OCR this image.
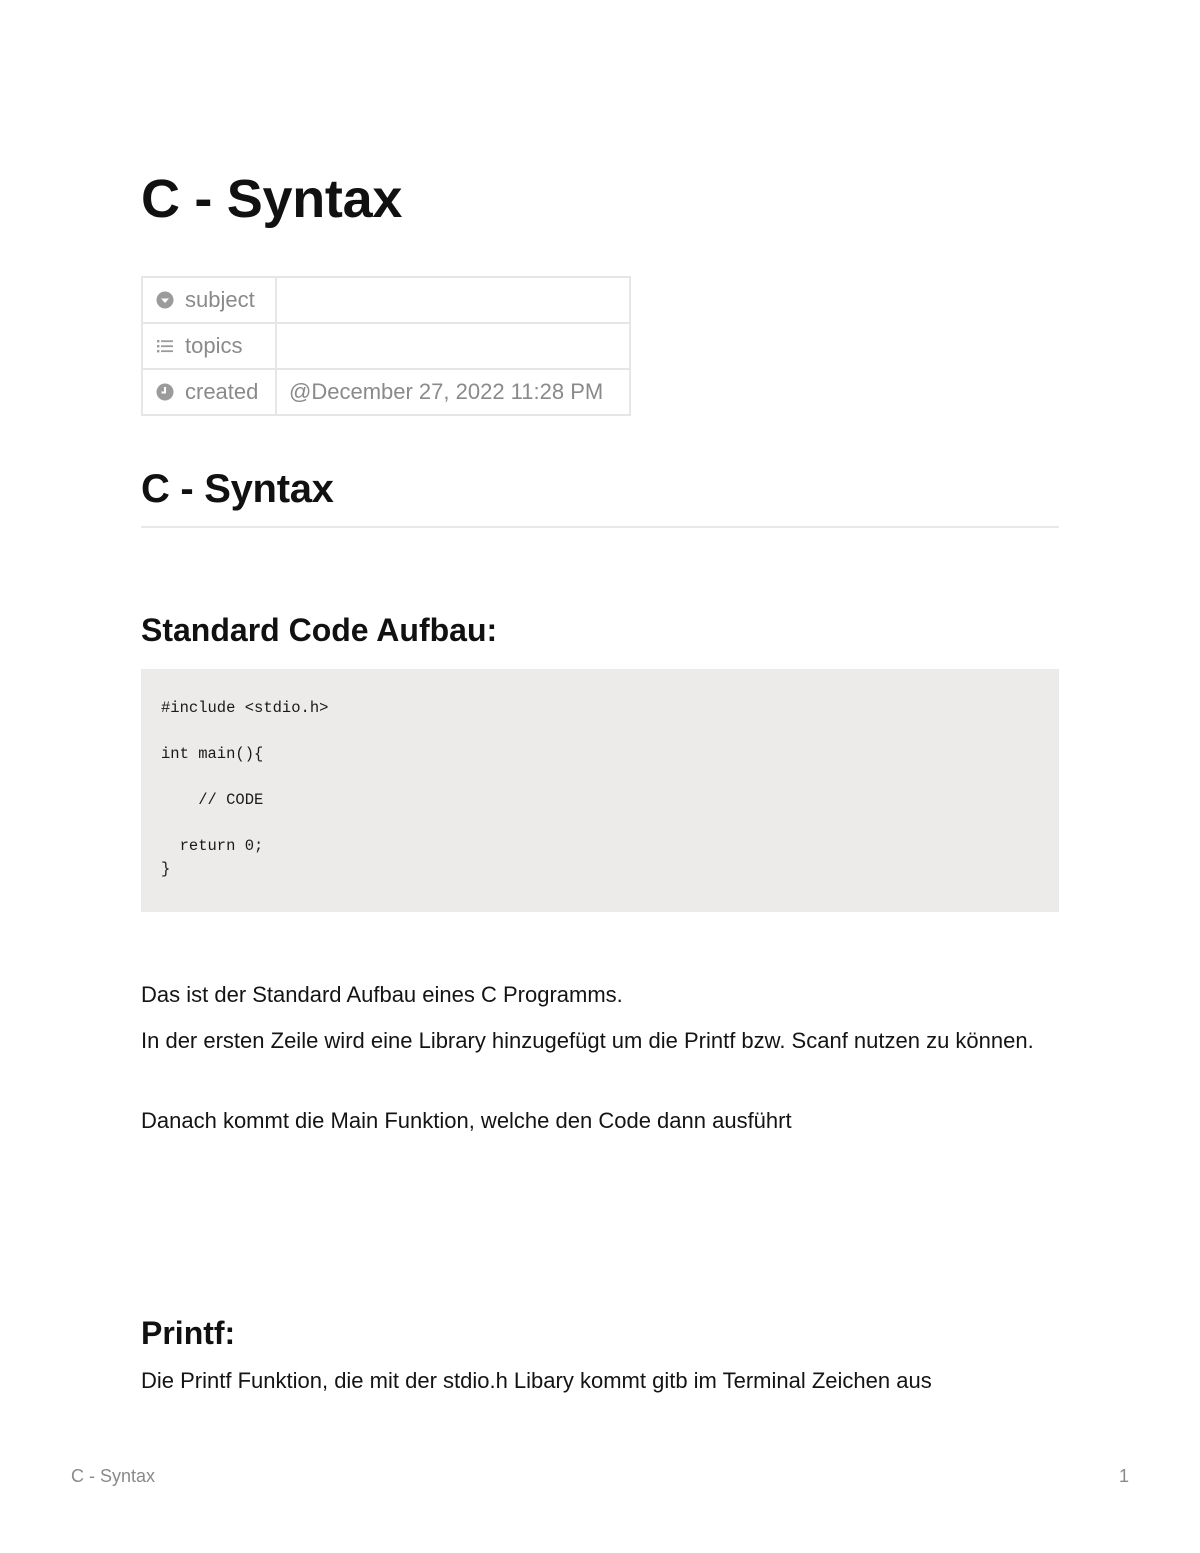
C - Syntax
subject	

topics	

created	@December 27, 2022 11:28 PM
C - Syntax
Standard Code Aufbau:
#include <stdio.h>

int main(){

// CODE

return 0;
}

Das ist der Standard Aufbau eines C Programms.

In der ersten Zeile wird eine Library hinzugefügt um die Printf bzw. Scanf nutzen zu können.

Danach kommt die Main Funktion, welche den Code dann ausführt

Printf:

Die Printf Funktion, die mit der stdio.h Libary kommt gitb im Terminal Zeichen aus

C - Syntax	1
